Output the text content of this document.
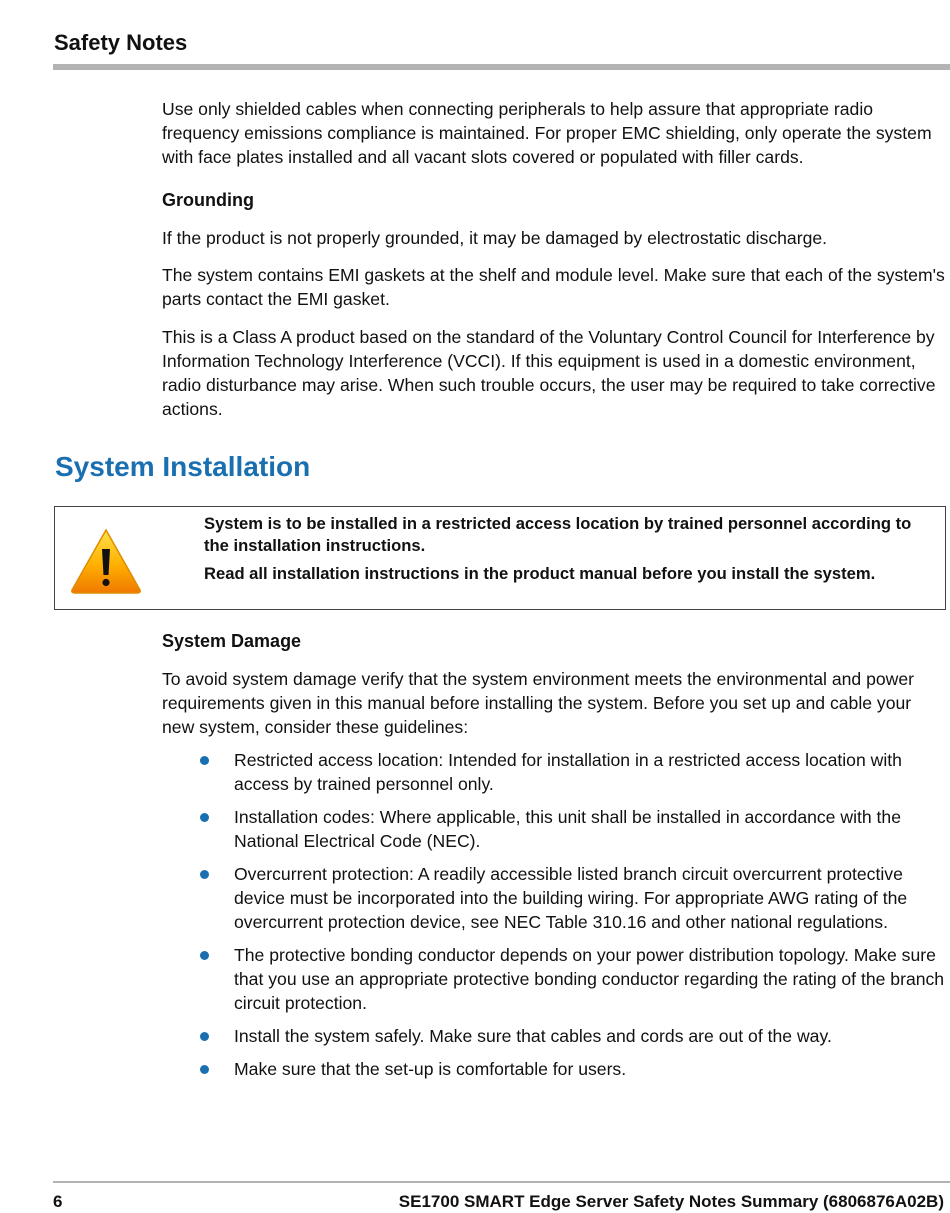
Safety Notes

Use only shielded cables when connecting peripherals to help assure that appropriate radio frequency emissions compliance is maintained. For proper EMC shielding, only operate the system with face plates installed and all vacant slots covered or populated with filler cards.

Grounding

If the product is not properly grounded, it may be damaged by electrostatic discharge.

The system contains EMI gaskets at the shelf and module level. Make sure that each of the system's parts contact the EMI gasket.

This is a Class A product based on the standard of the Voluntary Control Council for Interference by Information Technology Interference (VCCI). If this equipment is used in a domestic environment, radio disturbance may arise. When such trouble occurs, the user may be required to take corrective actions.

System Installation

System is to be installed in a restricted access location by trained personnel according to the installation instructions.

Read all installation instructions in the product manual before you install the system.

System Damage

To avoid system damage verify that the system environment meets the environmental and power requirements given in this manual before installing the system. Before you set up and cable your new system, consider these guidelines:

Restricted access location: Intended for installation in a restricted access location with access by trained personnel only.
Installation codes: Where applicable, this unit shall be installed in accordance with the National Electrical Code (NEC).
Overcurrent protection: A readily accessible listed branch circuit overcurrent protective device must be incorporated into the building wiring. For appropriate AWG rating of the overcurrent protection device, see NEC Table 310.16 and other national regulations.
The protective bonding conductor depends on your power distribution topology. Make sure that you use an appropriate protective bonding conductor regarding the rating of the branch circuit protection.
Install the system safely. Make sure that cables and cords are out of the way.
Make sure that the set-up is comfortable for users.
6	SE1700 SMART Edge Server Safety Notes Summary (6806876A02B)
